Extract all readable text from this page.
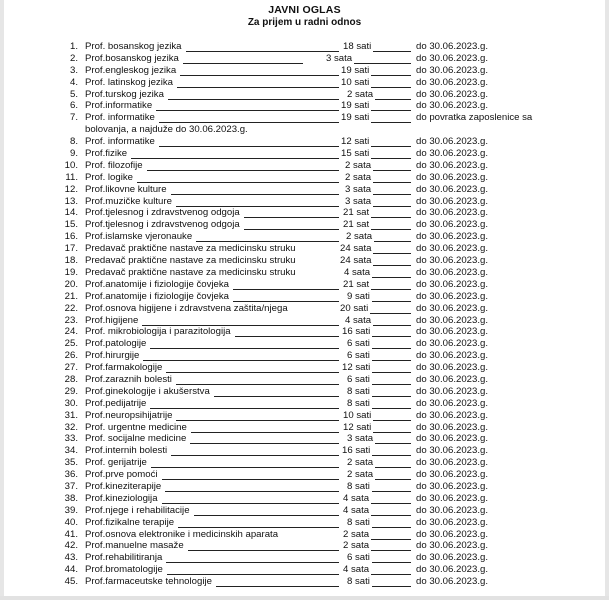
JAVNI OGLAS
Za prijem u radni odnos
1. Prof. bosanskog jezika	18 sati	do 30.06.2023.g.
2. Prof.bosanskog jezika	3 sata	do 30.06.2023.g.
3. Prof.engleskog jezika	19 sati	do 30.06.2023.g.
4. Prof. latinskog jezika	10 sati	do 30.06.2023.g.
5. Prof.turskog jezika	2 sata	do 30.06.2023.g.
6. Prof.informatike	19 sati	do 30.06.2023.g.
7. Prof. informatike	19 sati	do povratka zaposlenice sa
bolovanja, a najduže do 30.06.2023.g.
8. Prof. informatike	12 sati	do 30.06.2023.g.
9. Prof.fizike	15 sati	do 30.06.2023.g.
10. Prof. filozofije	2 sata	do 30.06.2023.g.
11. Prof. logike	2 sata	do 30.06.2023.g.
12. Prof.likovne kulture	3 sata	do 30.06.2023.g.
13. Prof.muzičke kulture	3 sata	do 30.06.2023.g.
14. Prof.tjelesnog i zdravstvenog odgoja	21 sat	do 30.06.2023.g.
15. Prof.tjelesnog i zdravstvenog odgoja	21 sat	do 30.06.2023.g.
16. Prof.islamske vjeronauke	2 sata	do 30.06.2023.g.
17. Predavač praktične nastave za medicinsku struku	24 sata	do 30.06.2023.g.
18. Predavač praktične nastave za medicinsku struku	24 sata	do 30.06.2023.g.
19. Predavač praktične nastave za medicinsku struku	4 sata	do 30.06.2023.g.
20. Prof.anatomije i fiziologije čovjeka	21 sat	do 30.06.2023.g.
21. Prof.anatomije i fiziologije čovjeka	9 sati	do 30.06.2023.g.
22. Prof.osnova higijene i zdravstvena zaštita/njega	20 sati	do 30.06.2023.g.
23. Prof.higijene	4 sata	do 30.06.2023.g.
24. Prof. mikrobiologija i parazitologija	16 sati	do 30.06.2023.g.
25. Prof.patologije	6 sati	do 30.06.2023.g.
26. Prof.hirurgije	6 sati	do 30.06.2023.g.
27. Prof.farmakologije	12 sati	do 30.06.2023.g.
28. Prof.zaraznih bolesti	6 sati	do 30.06.2023.g.
29. Prof.ginekologije i akušerstva	8 sati	do 30.06.2023.g.
30. Prof.pedijatrije	8 sati	do 30.06.2023.g.
31. Prof.neuropsihijatrije	10 sati	do 30.06.2023.g.
32. Prof. urgentne medicine	12 sati	do 30.06.2023.g.
33. Prof. socijalne medicine	3 sata	do 30.06.2023.g.
34. Prof.internih bolesti	16 sati	do 30.06.2023.g.
35. Prof. gerijatrije	2 sata	do 30.06.2023.g.
36. Prof.prve pomoći	2 sata	do 30.06.2023.g.
37. Prof.kineziterapije	8 sati	do 30.06.2023.g.
38. Prof.kineziologija	4 sata	do 30.06.2023.g.
39. Prof.njege i rehabilitacije	4 sata	do 30.06.2023.g.
40. Prof.fizikalne terapije	8 sati	do 30.06.2023.g.
41. Prof.osnova elektronike i medicinskih aparata	2 sata	do 30.06.2023.g.
42. Prof.manuelne masaže	2 sata	do 30.06.2023.g.
43. Prof.rehabilitiranja	6 sati	do 30.06.2023.g.
44. Prof.bromatologije	4 sata	do 30.06.2023.g.
45. Prof.farmaceutske tehnologije	8 sati	do 30.06.2023.g.
